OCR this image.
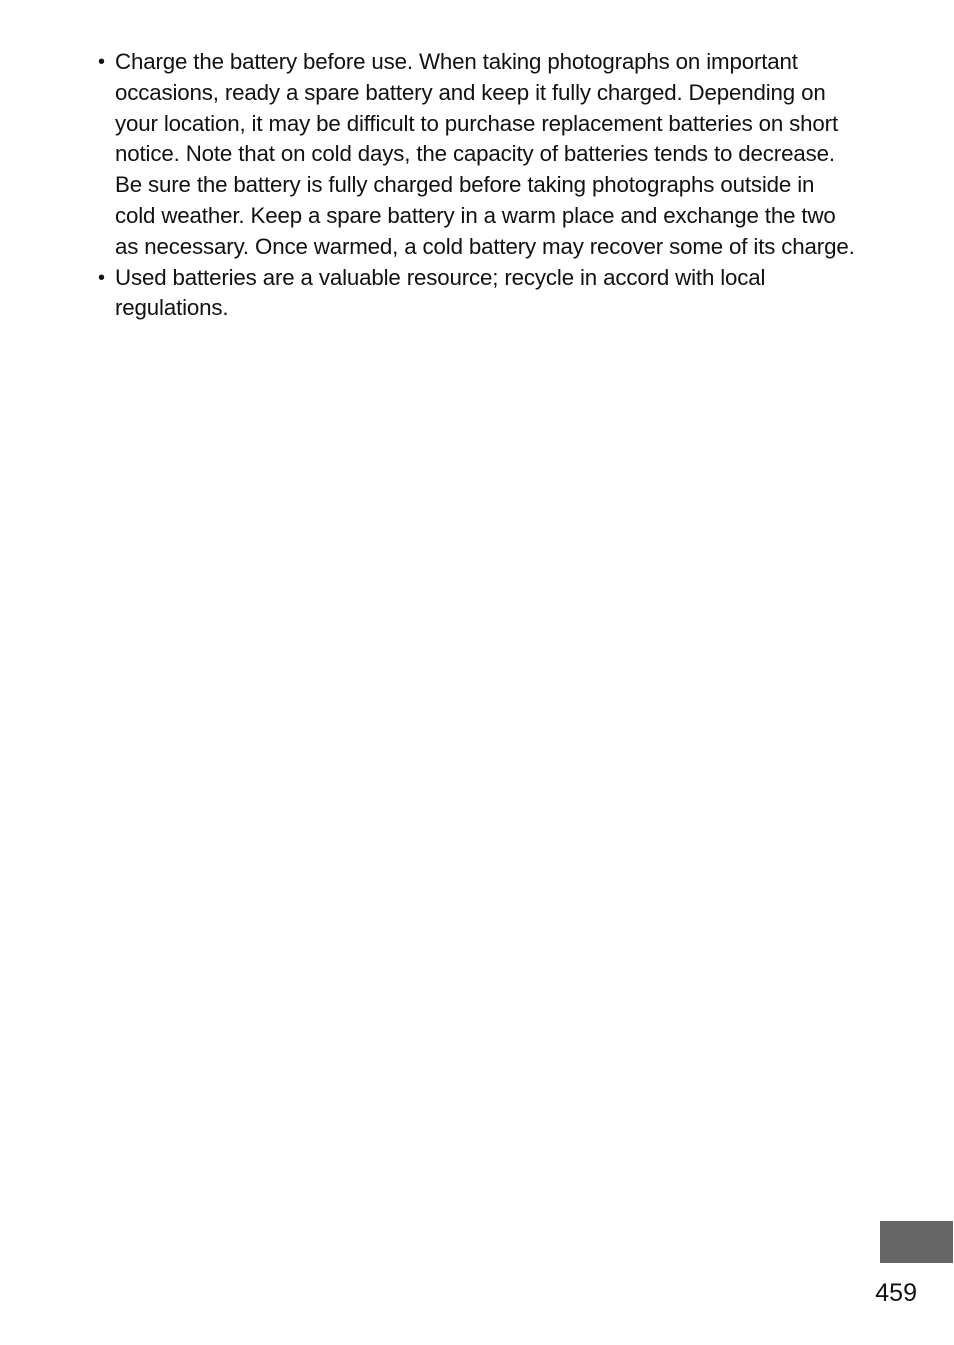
• Charge the battery before use. When taking photographs on important occasions, ready a spare battery and keep it fully charged. Depending on your location, it may be difficult to purchase replacement batteries on short notice. Note that on cold days, the capacity of batteries tends to decrease. Be sure the battery is fully charged before taking photographs outside in cold weather. Keep a spare battery in a warm place and exchange the two as necessary. Once warmed, a cold battery may recover some of its charge.
• Used batteries are a valuable resource; recycle in accord with local regulations.
459
